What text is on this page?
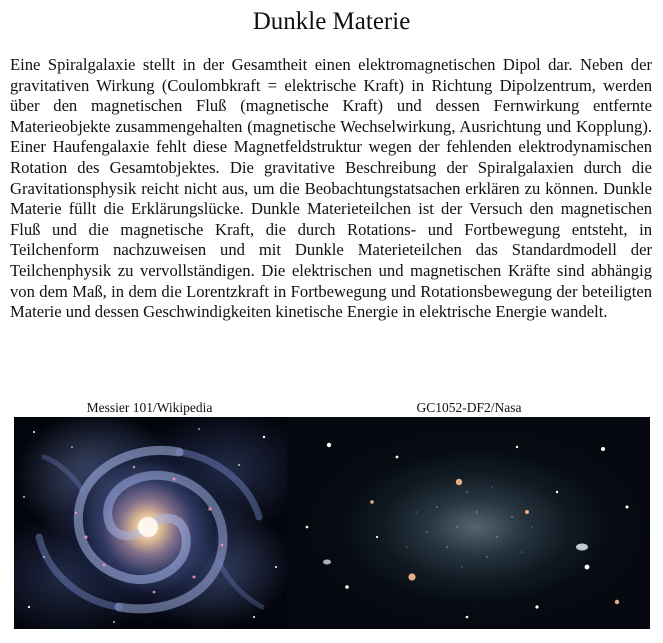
Dunkle Materie

Eine Spiralgalaxie stellt in der Gesamtheit einen elektromagnetischen Dipol dar. Neben der gravitativen Wirkung (Coulombkraft = elektrische Kraft) in Richtung Dipolzentrum, werden über den magnetischen Fluß (magnetische Kraft) und dessen Fernwirkung entfernte Materieobjekte zusammengehalten (magnetische Wechselwirkung, Ausrichtung und Kopplung). Einer Haufengalaxie fehlt diese Magnetfeldstruktur wegen der fehlenden elektrodynamischen Rotation des Gesamtobjektes. Die gravitative Beschreibung der Spiralgalaxien durch die Gravitationsphysik reicht nicht aus, um die Beobachtungstatsachen erklären zu können. Dunkle Materie füllt die Erklärungslücke. Dunkle Materieteilchen ist der Versuch den magnetischen Fluß und die magnetische Kraft, die durch Rotations- und Fortbewegung entsteht, in Teilchenform nachzuweisen und mit Dunkle Materieteilchen das Standardmodell der Teilchenphysik zu vervollständigen. Die elektrischen und magnetischen Kräfte sind abhängig von dem Maß, in dem die Lorentzkraft in Fortbewegung und Rotationsbewegung der beteiligten Materie und dessen Geschwindigkeiten kinetische Energie in elektrische Energie wandelt.

Messier 101/Wikipedia	GC1052-DF2/Nasa
